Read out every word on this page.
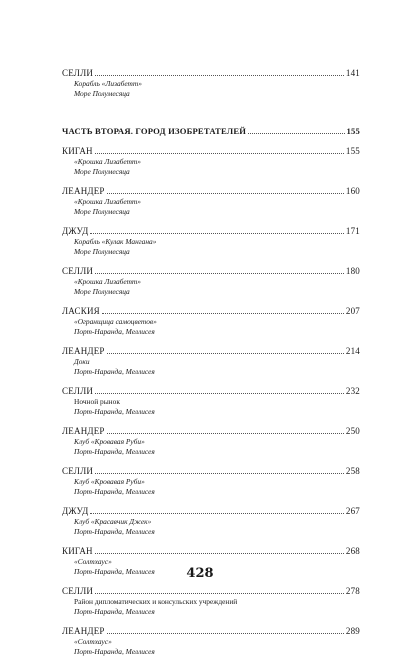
СЕЛЛИ	141
Корабль «Лизабетт»
Море Полумесяца
ЧАСТЬ ВТОРАЯ. ГОРОД ИЗОБРЕТАТЕЛЕЙ	155
КИГАН	155
«Крошка Лизабетт»
Море Полумесяца
ЛЕАНДЕР	160
«Крошка Лизабетт»
Море Полумесяца
ДЖУД	171
Корабль «Кулак Мангана»
Море Полумесяца
СЕЛЛИ	180
«Крошка Лизабетт»
Море Полумесяца
ЛАСКИЯ	207
«Огранщица самоцветов»
Порт-Наранда, Меллисея
ЛЕАНДЕР	214
Доки
Порт-Наранда, Меллисея
СЕЛЛИ	232
Ночной рынок
Порт-Наранда, Меллисея
ЛЕАНДЕР	250
Клуб «Кровавая Руби»
Порт-Наранда, Меллисея
СЕЛЛИ	258
Клуб «Кровавая Руби»
Порт-Наранда, Меллисея
ДЖУД	267
Клуб «Красавчик Джек»
Порт-Наранда, Меллисея
КИГАН	268
«Солтхаус»
Порт-Наранда, Меллисея
СЕЛЛИ	278
Район дипломатических и консульских учреждений
Порт-Наранда, Меллисея
ЛЕАНДЕР	289
«Солтхаус»
Порт-Наранда, Меллисея
428
